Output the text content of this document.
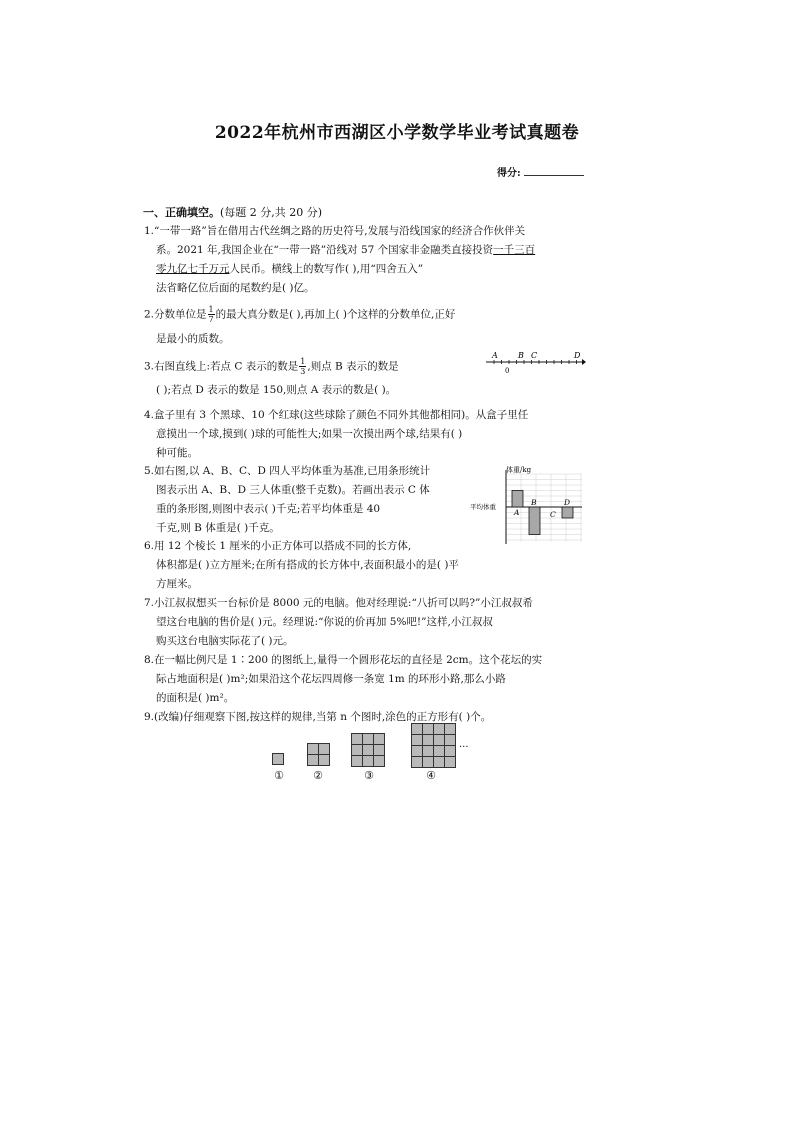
2022年杭州市西湖区小学数学毕业考试真题卷
得分:
一、正确填空。(每题 2 分,共 20 分)
1.“一带一路”旨在借用古代丝绸之路的历史符号,发展与沿线国家的经济合作伙伴关
系。2021 年,我国企业在“一带一路”沿线对 57 个国家非金融类直接投资一千三百
零九亿七千万元人民币。横线上的数写作( ),用“四舍五入”
法省略亿位后面的尾数约是( )亿。
2.分数单位是 $\frac{1}{7}$ 的最大真分数是( ),再加上( )个这样的分数单位,正好
是最小的质数。
3.右图直线上:若点 C 表示的数是 $\frac{1}{3}$ ,则点 B 表示的数是
( );若点 D 表示的数是 150,则点 A 表示的数是( )。
A	B C	D
0
4.盒子里有 3 个黑球、10 个红球(这些球除了颜色不同外其他都相同)。从盒子里任
意摸出一个球,摸到( )球的可能性大;如果一次摸出两个球,结果有( )
种可能。
5.如右图,以 A、B、C、D 四人平均体重为基准,已用条形统计
图表示出 A、B、D 三人体重(整千克数)。若画出表示 C 体
重的条形图,则图中表示( )千克;若平均体重是 40
千克,则 B 体重是( )千克。
体重/kg
平均体重
A
B
C
D
6.用 12 个棱长 1 厘米的小正方体可以搭成不同的长方体,
体积都是( )立方厘米;在所有搭成的长方体中,表面积最小的是( )平
方厘米。
7.小江叔叔想买一台标价是 8000 元的电脑。他对经理说:“八折可以吗?”小江叔叔希
望这台电脑的售价是( )元。经理说:“你说的价再加 5%吧!”这样,小江叔叔
购买这台电脑实际花了( )元。
8.在一幅比例尺是 1∶200 的图纸上,量得一个圆形花坛的直径是 2cm。这个花坛的实
际占地面积是( )m²;如果沿这个花坛四周修一条宽 1m 的环形小路,那么小路
的面积是( )m²。
9.(改编)仔细观察下图,按这样的规律,当第 n 个图时,涂色的正方形有( )个。
...
①	②	③	④
